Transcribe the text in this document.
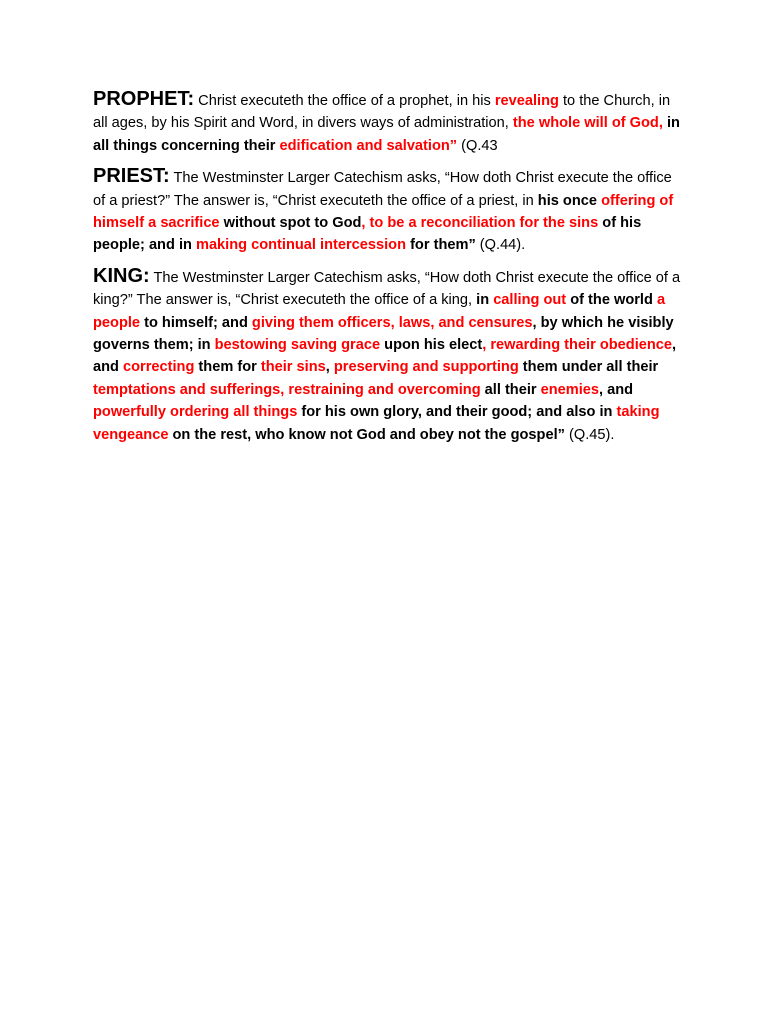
PROPHET: Christ executeth the office of a prophet, in his revealing to the Church, in all ages, by his Spirit and Word, in divers ways of administration, the whole will of God, in all things concerning their edification and salvation” (Q.43

PRIEST: The Westminster Larger Catechism asks, “How doth Christ execute the office of a priest?” The answer is, “Christ executeth the office of a priest, in his once offering of himself a sacrifice without spot to God, to be a reconciliation for the sins of his people; and in making continual intercession for them” (Q.44).

KING: The Westminster Larger Catechism asks, “How doth Christ execute the office of a king?” The answer is, “Christ executeth the office of a king, in calling out of the world a people to himself; and giving them officers, laws, and censures, by which he visibly governs them; in bestowing saving grace upon his elect, rewarding their obedience, and correcting them for their sins, preserving and supporting them under all their temptations and sufferings, restraining and overcoming all their enemies, and powerfully ordering all things for his own glory, and their good; and also in taking vengeance on the rest, who know not God and obey not the gospel” (Q.45).
